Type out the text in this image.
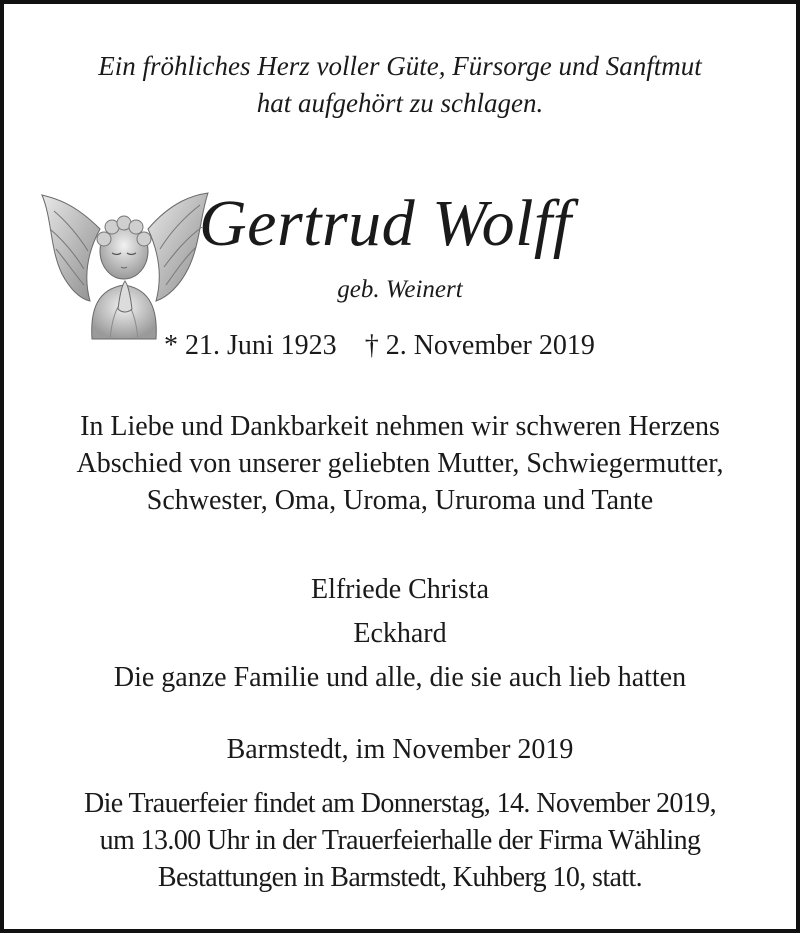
Ein fröhliches Herz voller Güte, Fürsorge und Sanftmut
hat aufgehört zu schlagen.
Gertrud Wolff
geb. Weinert
* 21. Juni 1923 † 2. November 2019
In Liebe und Dankbarkeit nehmen wir schweren Herzens
Abschied von unserer geliebten Mutter, Schwiegermutter,
Schwester, Oma, Uroma, Ururoma und Tante
Elfriede Christa
Eckhard
Die ganze Familie und alle, die sie auch lieb hatten
Barmstedt, im November 2019
Die Trauerfeier findet am Donnerstag, 14. November 2019,
um 13.00 Uhr in der Trauerfeierhalle der Firma Wähling
Bestattungen in Barmstedt, Kuhberg 10, statt.
